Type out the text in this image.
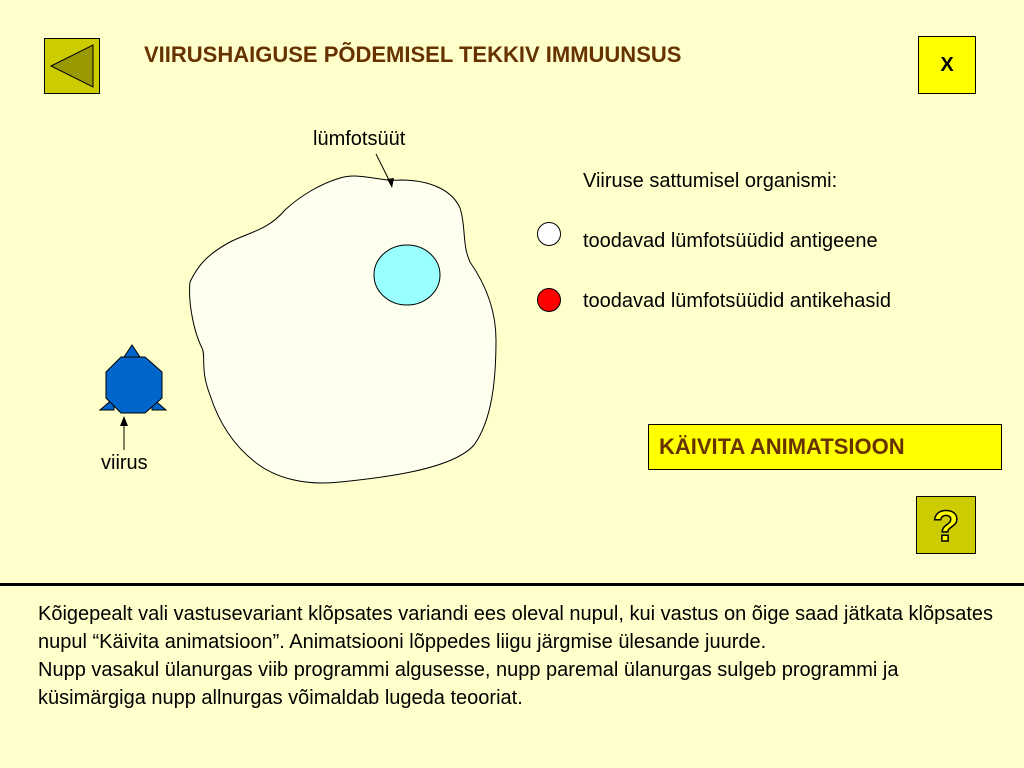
VIIRUSHAIGUSE PÕDEMISEL TEKKIV IMMUUNSUS	X
lümfotsüüt
viirus
Viiruse sattumisel organismi:
toodavad lümfotsüüdid antigeene
toodavad lümfotsüüdid antikehasid
KÄIVITA ANIMATSIOON
?

Kõigepealt vali vastusevariant klõpsates variandi ees oleval nupul, kui vastus on õige saad jätkata klõpsates nupul “Käivita animatsioon”. Animatsiooni lõppedes liigu järgmise ülesande juurde.

Nupp vasakul ülanurgas viib programmi algusesse, nupp paremal ülanurgas sulgeb programmi ja küsimärgiga nupp allnurgas võimaldab lugeda teooriat.
